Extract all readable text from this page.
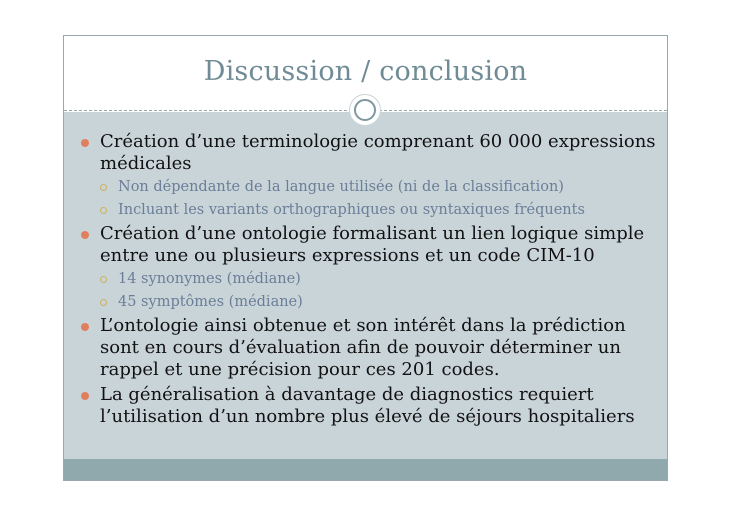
Discussion / conclusion
Création d’une terminologie comprenant 60 000 expressions médicales
Non dépendante de la langue utilisée (ni de la classification)
Incluant les variants orthographiques ou syntaxiques fréquents
Création d’une ontologie formalisant un lien logique simple entre une ou plusieurs expressions et un code CIM-10
14 synonymes (médiane)
45 symptômes (médiane)
L’ontologie ainsi obtenue et son intérêt dans la prédiction sont en cours d’évaluation afin de pouvoir déterminer un rappel et une précision pour ces 201 codes.
La généralisation à davantage de diagnostics requiert l’utilisation d’un nombre plus élevé de séjours hospitaliers
